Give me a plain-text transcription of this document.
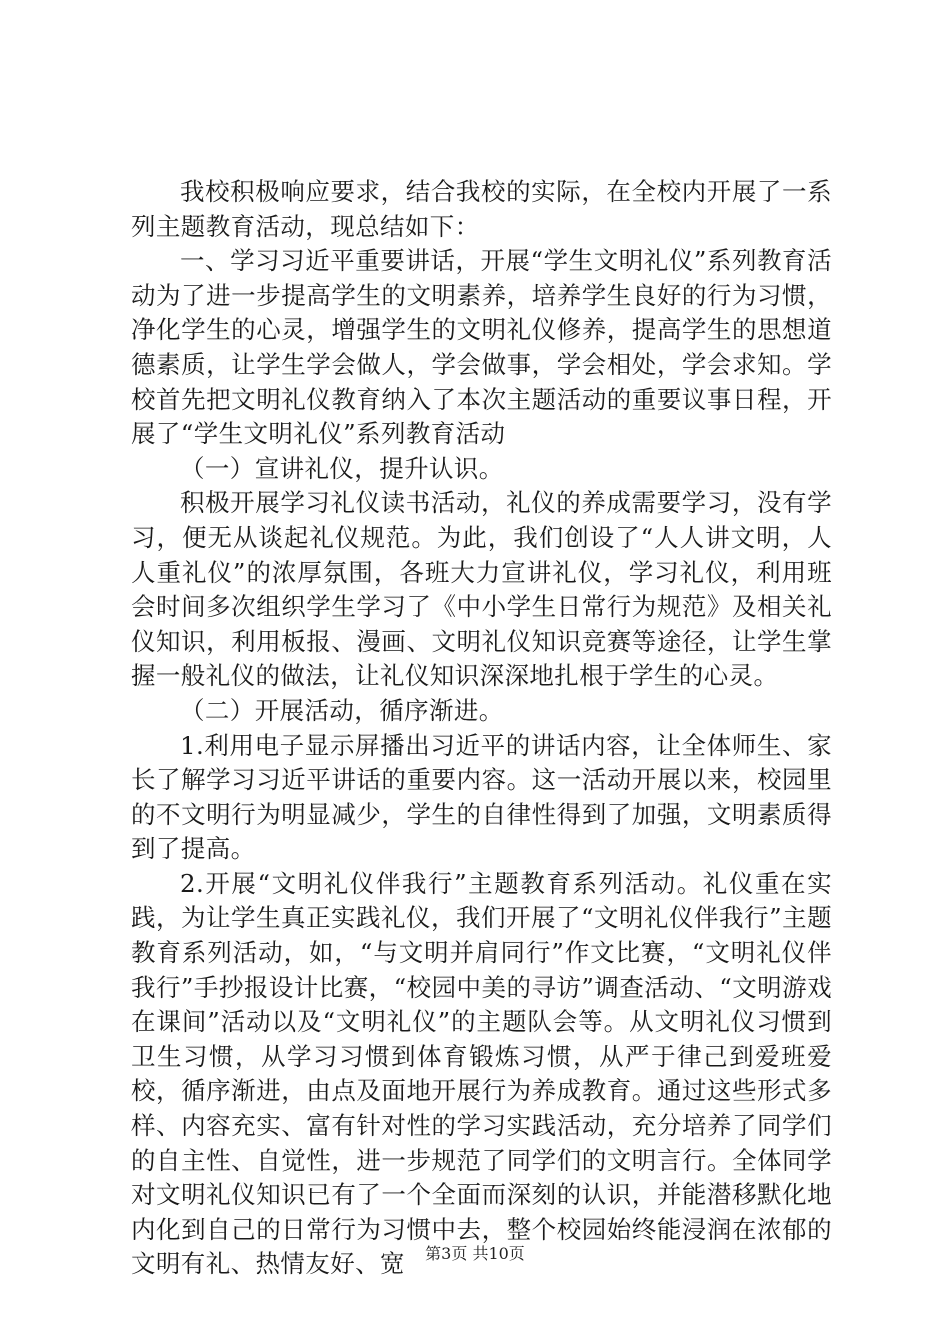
我校积极响应要求，结合我校的实际，在全校内开展了一系列主题教育活动，现总结如下：

一、学习习近平重要讲话，开展“学生文明礼仪”系列教育活动为了进一步提高学生的文明素养，培养学生良好的行为习惯，净化学生的心灵，增强学生的文明礼仪修养，提高学生的思想道德素质，让学生学会做人，学会做事，学会相处，学会求知。学校首先把文明礼仪教育纳入了本次主题活动的重要议事日程，开展了“学生文明礼仪”系列教育活动

（一）宣讲礼仪，提升认识。

积极开展学习礼仪读书活动，礼仪的养成需要学习，没有学习，便无从谈起礼仪规范。为此，我们创设了“人人讲文明，人人重礼仪”的浓厚氛围，各班大力宣讲礼仪，学习礼仪，利用班会时间多次组织学生学习了《中小学生日常行为规范》及相关礼仪知识，利用板报、漫画、文明礼仪知识竞赛等途径，让学生掌握一般礼仪的做法，让礼仪知识深深地扎根于学生的心灵。

（二）开展活动，循序渐进。

1.利用电子显示屏播出习近平的讲话内容，让全体师生、家长了解学习习近平讲话的重要内容。这一活动开展以来，校园里的不文明行为明显减少，学生的自律性得到了加强，文明素质得到了提高。

2.开展“文明礼仪伴我行”主题教育系列活动。礼仪重在实践，为让学生真正实践礼仪，我们开展了“文明礼仪伴我行”主题教育系列活动，如，“与文明并肩同行”作文比赛，“文明礼仪伴我行”手抄报设计比赛，“校园中美的寻访”调查活动、“文明游戏在课间”活动以及“文明礼仪”的主题队会等。从文明礼仪习惯到卫生习惯，从学习习惯到体育锻炼习惯，从严于律己到爱班爱校，循序渐进，由点及面地开展行为养成教育。通过这些形式多样、内容充实、富有针对性的学习实践活动，充分培养了同学们的自主性、自觉性，进一步规范了同学们的文明言行。全体同学对文明礼仪知识已有了一个全面而深刻的认识，并能潜移默化地内化到自己的日常行为习惯中去，整个校园始终能浸润在浓郁的文明有礼、热情友好、宽	第3页 共10页
